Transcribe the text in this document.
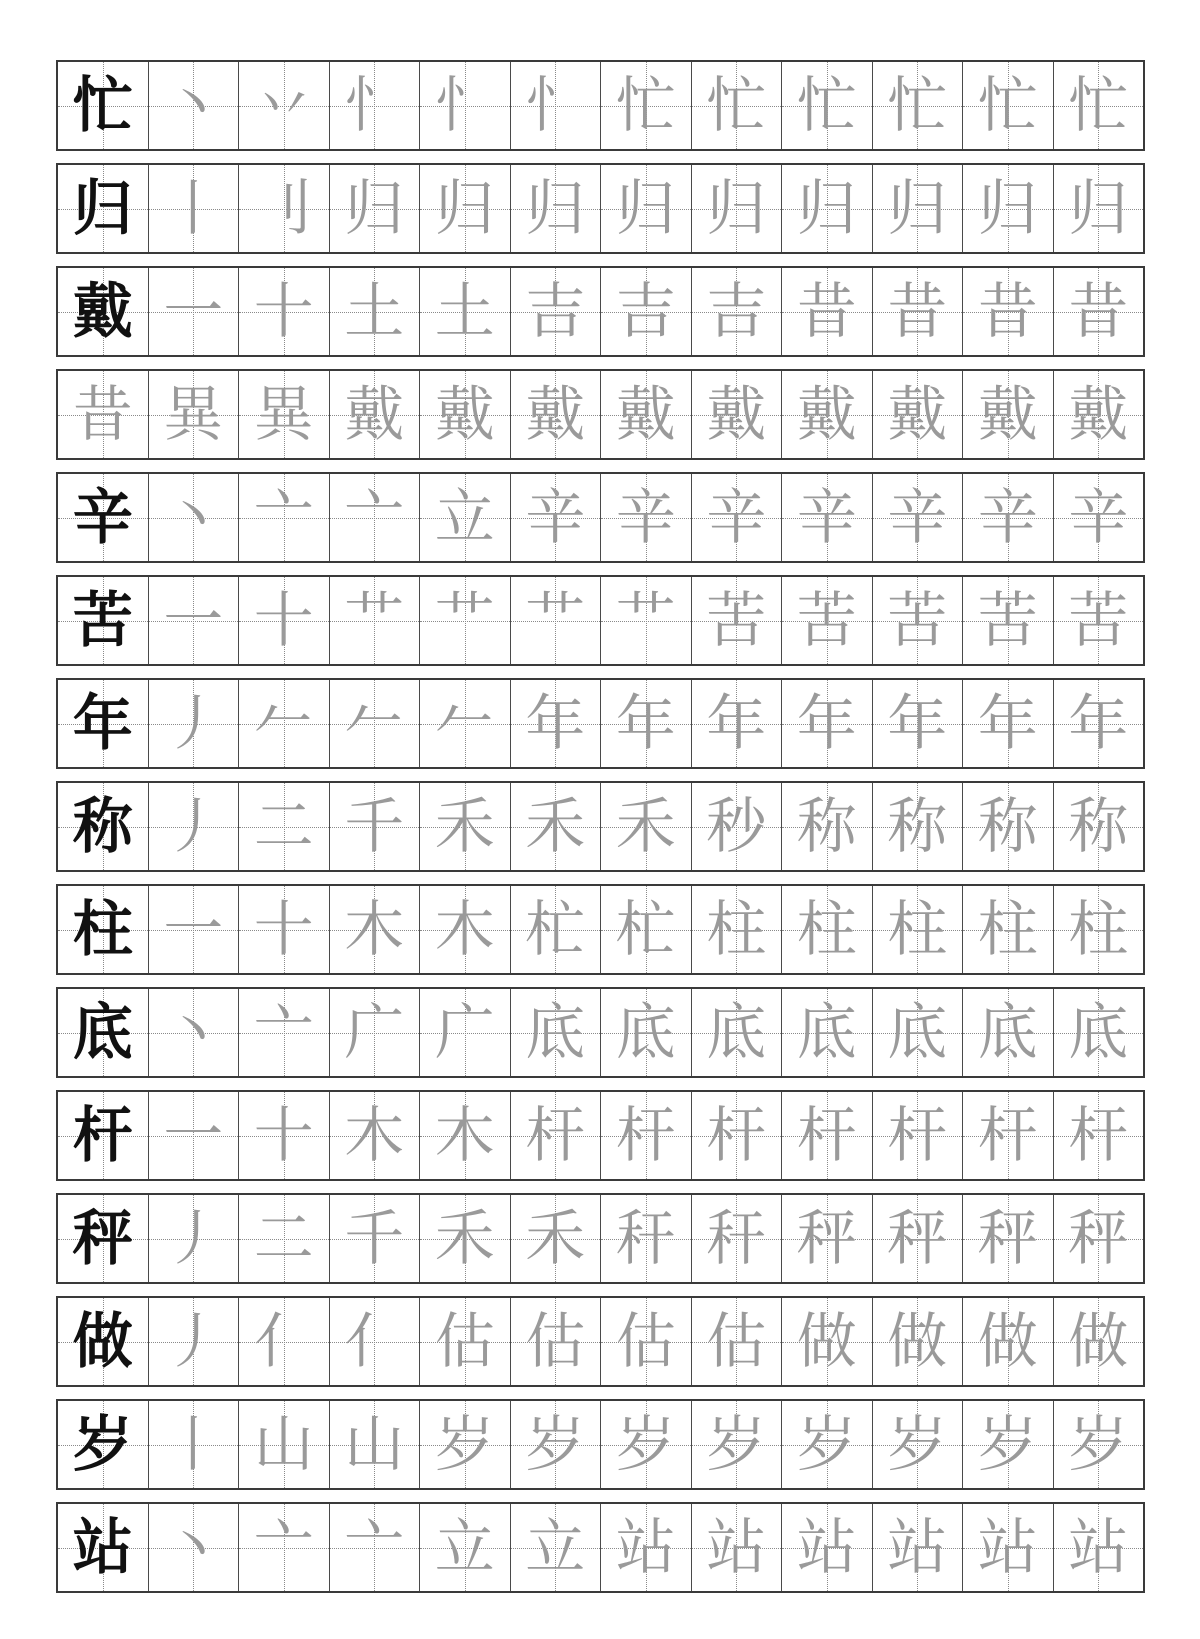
忙 丶 丷 忄 忄 忄 忙 忙 忙 忙 忙 忙
归 丨 刂 归 归 归 归 归 归 归 归 归
戴 一 十 土 土 吉 吉 吉 昔 昔 昔 昔
昔 異 異 戴 戴 戴 戴 戴 戴 戴 戴 戴
辛 丶 亠 亠 立 辛 辛 辛 辛 辛 辛 辛
苦 一 十 艹 艹 艹 艹 苦 苦 苦 苦 苦
年 丿 𠂉 𠂉 𠂉 年 年 年 年 年 年 年
称 丿 二 千 禾 禾 禾 秒 称 称 称 称
柱 一 十 木 木 杧 杧 柱 柱 柱 柱 柱
底 丶 亠 广 广 底 底 底 底 底 底 底
杆 一 十 木 木 杆 杆 杆 杆 杆 杆 杆
秤 丿 二 千 禾 禾 秆 秆 秤 秤 秤 秤
做 丿 亻 亻 估 估 估 估 做 做 做 做
岁 丨 山 山 岁 岁 岁 岁 岁 岁 岁 岁
站 丶 亠 亠 立 立 站 站 站 站 站 站
